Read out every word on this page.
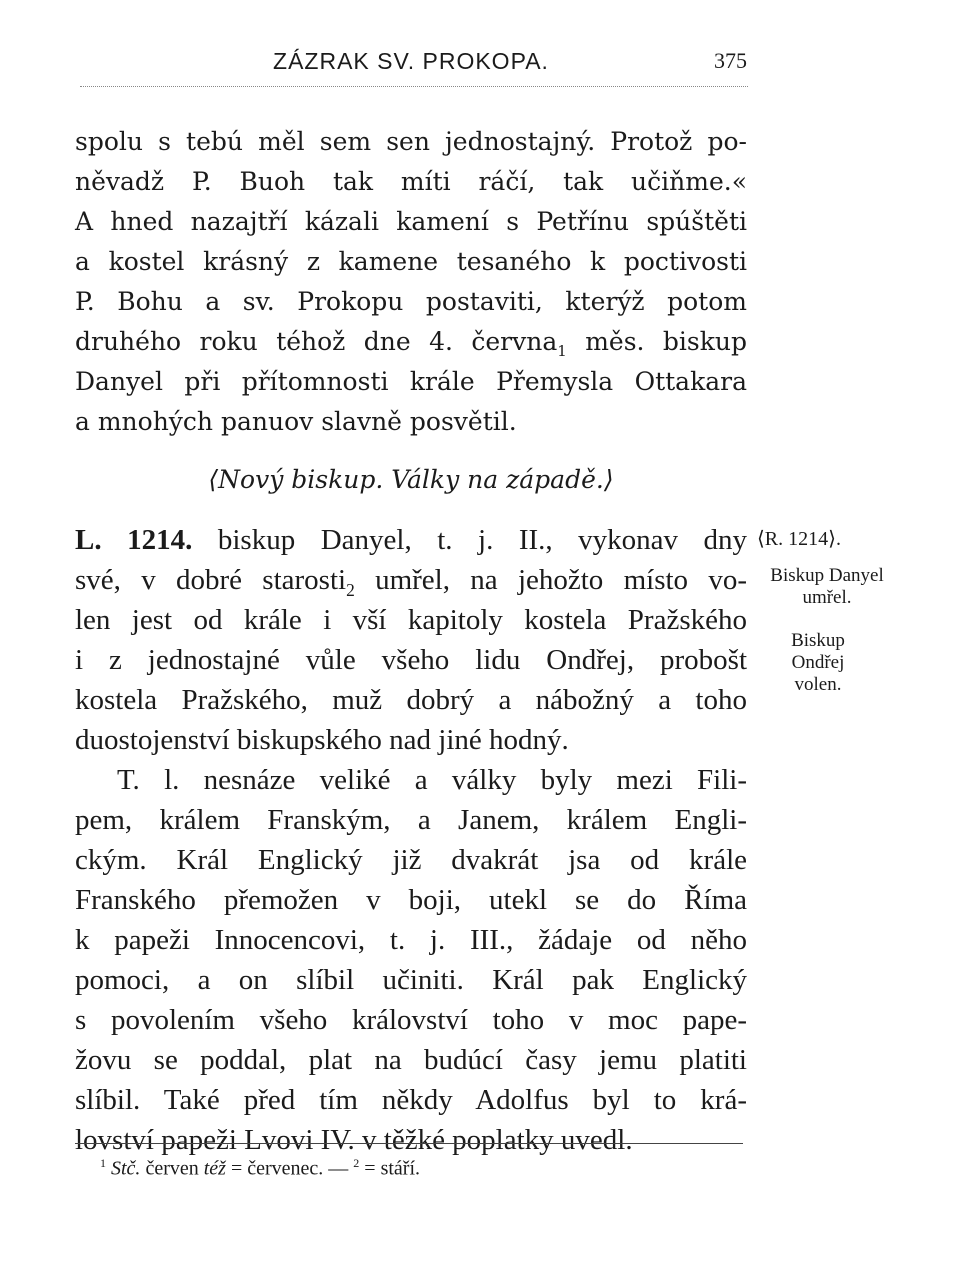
ZÁZRAK SV. PROKOPA.	375
spolu s tebú měl sem sen jednostajný. Protož po-
něvadž P. Buoh tak míti ráčí, tak učiňme.«
A hned nazajtří kázali kamení s Petřínu spúštěti
a kostel krásný z kamene tesaného k poctivosti
P. Bohu a sv. Prokopu postaviti, kterýž potom
druhého roku téhož dne 4. června$_1$ měs. biskup
Danyel při přítomnosti krále Přemysla Ottakara
a mnohých panuov slavně posvětil.
⟨Nový biskup. Války na západě.⟩
L. 1214. biskup Danyel, t. j. II., vykonav dny
své, v dobré starosti$_2$ umřel, na jehožto místo vo-
len jest od krále i vší kapitoly kostela Pražského
i z jednostajné vůle všeho lidu Ondřej, probošt
kostela Pražského, muž dobrý a nábožný a toho
duostojenství biskupského nad jiné hodný.
T. l. nesnáze veliké a války byly mezi Fili-
pem, králem Franským, a Janem, králem Engli-
ckým. Král Englický již dvakrát jsa od krále
Franského přemožen v boji, utekl se do Říma
k papeži Innocencovi, t. j. III., žádaje od něho
pomoci, a on slíbil učiniti. Král pak Englický
s povolením všeho království toho v moc pape-
žovu se poddal, plat na budúcí časy jemu platiti
slíbil. Také před tím někdy Adolfus byl to krá-
lovství papeži Lvovi IV. v těžké poplatky uvedl.
⟨R. 1214⟩.
Biskup Danyel umřel.
Biskup Ondřej volen.
$^1$ Stč. červen též = červenec. — $^2$ = stáří.
